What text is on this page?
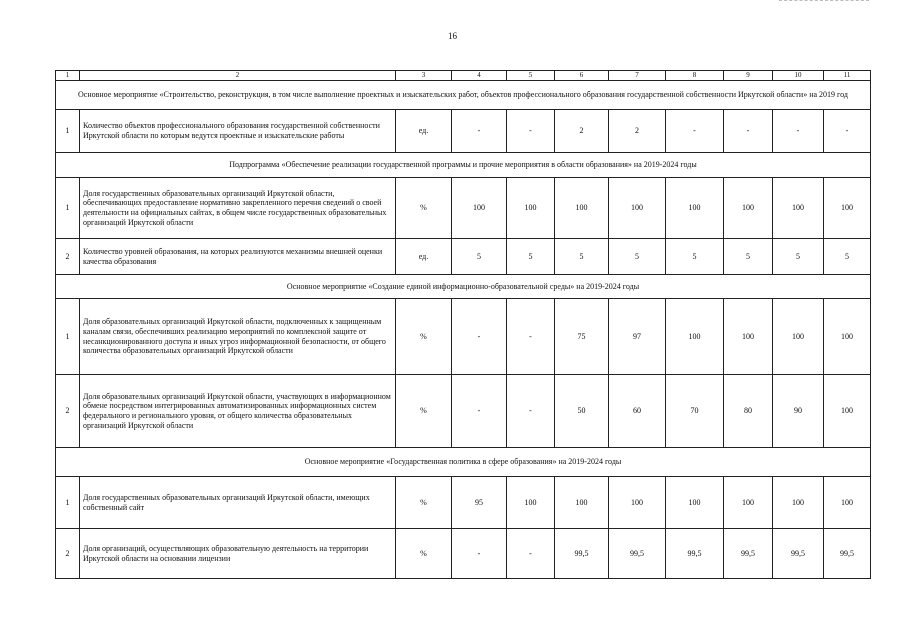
16
1	2	3	4	5	6	7	8	9	10	11
Основное мероприятие «Строительство, реконструкция, в том числе выполнение проектных и изыскательских работ, объектов профессионального образования государственной собственности Иркутской области» на 2019 год										
1	Количество объектов профессионального образования государственной собственности Иркутской области по которым ведутся проектные и изыскательские работы	ед.	-	-	2	2	-	-	-	-
Подпрограмма «Обеспечение реализации государственной программы и прочие мероприятия в области образования» на 2019-2024 годы										
1	Доля государственных образовательных организаций Иркутской области, обеспечивающих предоставление нормативно закрепленного перечня сведений о своей деятельности на официальных сайтах, в общем числе государственных образовательных организаций Иркутской области	%	100	100	100	100	100	100	100	100
2	Количество уровней образования, на которых реализуются механизмы внешней оценки качества образования	ед.	5	5	5	5	5	5	5	5
Основное мероприятие «Создание единой информационно-образовательной среды» на 2019-2024 годы										
1	Доля образовательных организаций Иркутской области, подключенных к защищенным каналам связи, обеспечивших реализацию мероприятий по комплексной защите от несанкционированного доступа и иных угроз информационной безопасности, от общего количества образовательных организаций Иркутской области	%	-	-	75	97	100	100	100	100
2	Доля образовательных организаций Иркутской области, участвующих в информационном обмене посредством интегрированных автоматизированных информационных систем федерального и регионального уровня, от общего количества образовательных организаций Иркутской области	%	-	-	50	60	70	80	90	100
Основное мероприятие «Государственная политика в сфере образования» на 2019-2024 годы										
1	Доля государственных образовательных организаций Иркутской области, имеющих собственный сайт	%	95	100	100	100	100	100	100	100
2	Доля организаций, осуществляющих образовательную деятельность на территории Иркутской области на основании лицензии	%	-	-	99,5	99,5	99,5	99,5	99,5	99,5
